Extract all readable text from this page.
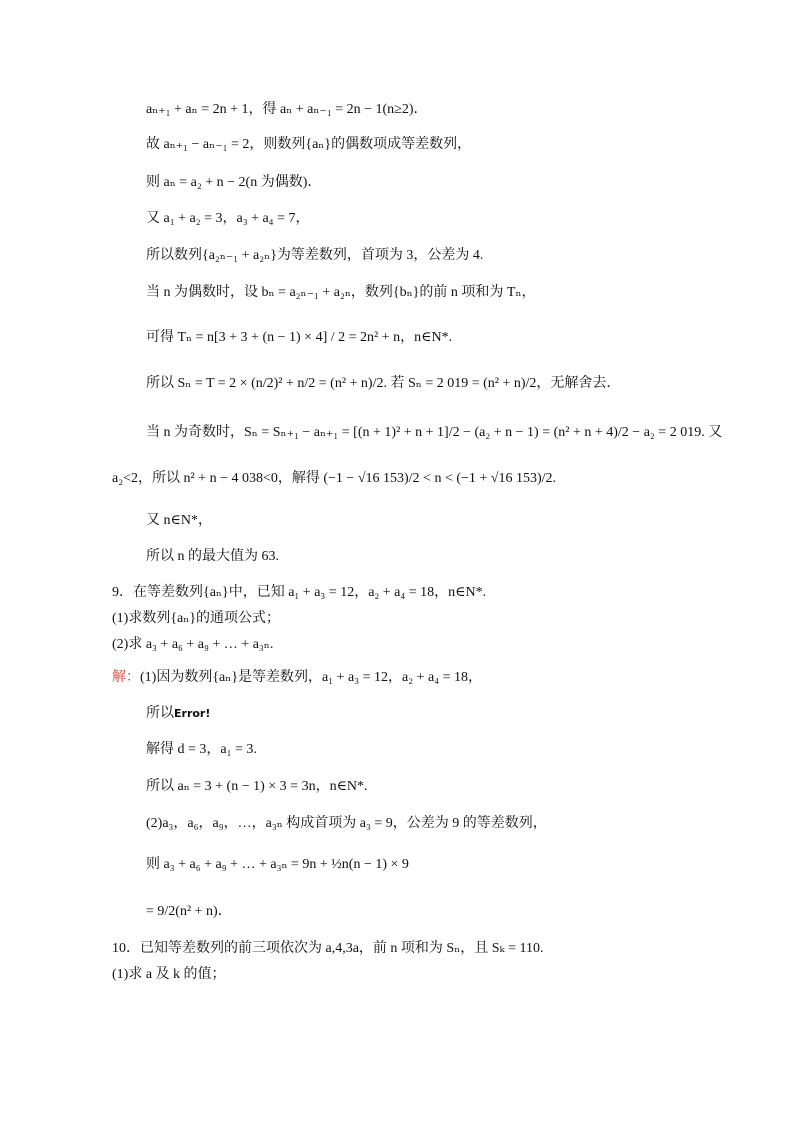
aₙ₊₁ + aₙ = 2n + 1，得 aₙ + aₙ₋₁ = 2n − 1(n≥2)．
故 aₙ₊₁ − aₙ₋₁ = 2，则数列{aₙ}的偶数项成等差数列，
则 aₙ = a₂ + n − 2(n 为偶数)．
又 a₁ + a₂ = 3，a₃ + a₄ = 7，
所以数列{a₂ₙ₋₁ + a₂ₙ}为等差数列，首项为 3，公差为 4.
当 n 为偶数时，设 bₙ = a₂ₙ₋₁ + a₂ₙ，数列{bₙ}的前 n 项和为 Tₙ，
可得 Tₙ = n[3 + 3 + (n − 1) × 4] / 2 = 2n² + n，n∈N*.
所以 Sₙ = T = 2 × (n/2)² + n/2 = (n² + n)/2. 若 Sₙ = 2 019 = (n² + n)/2，无解舍去．
当 n 为奇数时，Sₙ = Sₙ₊₁ − aₙ₊₁ = [(n + 1)² + n + 1]/2 − (a₂ + n − 1) = (n² + n + 4)/2 − a₂ = 2 019. 又
a₂<2，所以 n² + n − 4 038<0，解得 (−1 − √16 153)/2 < n < (−1 + √16 153)/2.
又 n∈N*，
所以 n 的最大值为 63.
9．在等差数列{aₙ}中，已知 a₁ + a₃ = 12，a₂ + a₄ = 18，n∈N*.
(1)求数列{aₙ}的通项公式；
(2)求 a₃ + a₆ + a₉ + … + a₃ₙ.
解：(1)因为数列{aₙ}是等差数列，a₁ + a₃ = 12，a₂ + a₄ = 18，
所以Error!
解得 d = 3，a₁ = 3.
所以 aₙ = 3 + (n − 1) × 3 = 3n，n∈N*.
(2)a₃，a₆，a₉，…，a₃ₙ 构成首项为 a₃ = 9，公差为 9 的等差数列，
则 a₃ + a₆ + a₉ + … + a₃ₙ = 9n + ½n(n − 1) × 9
= 9/2(n² + n)．
10．已知等差数列的前三项依次为 a,4,3a，前 n 项和为 Sₙ，且 Sₖ = 110.
(1)求 a 及 k 的值；
